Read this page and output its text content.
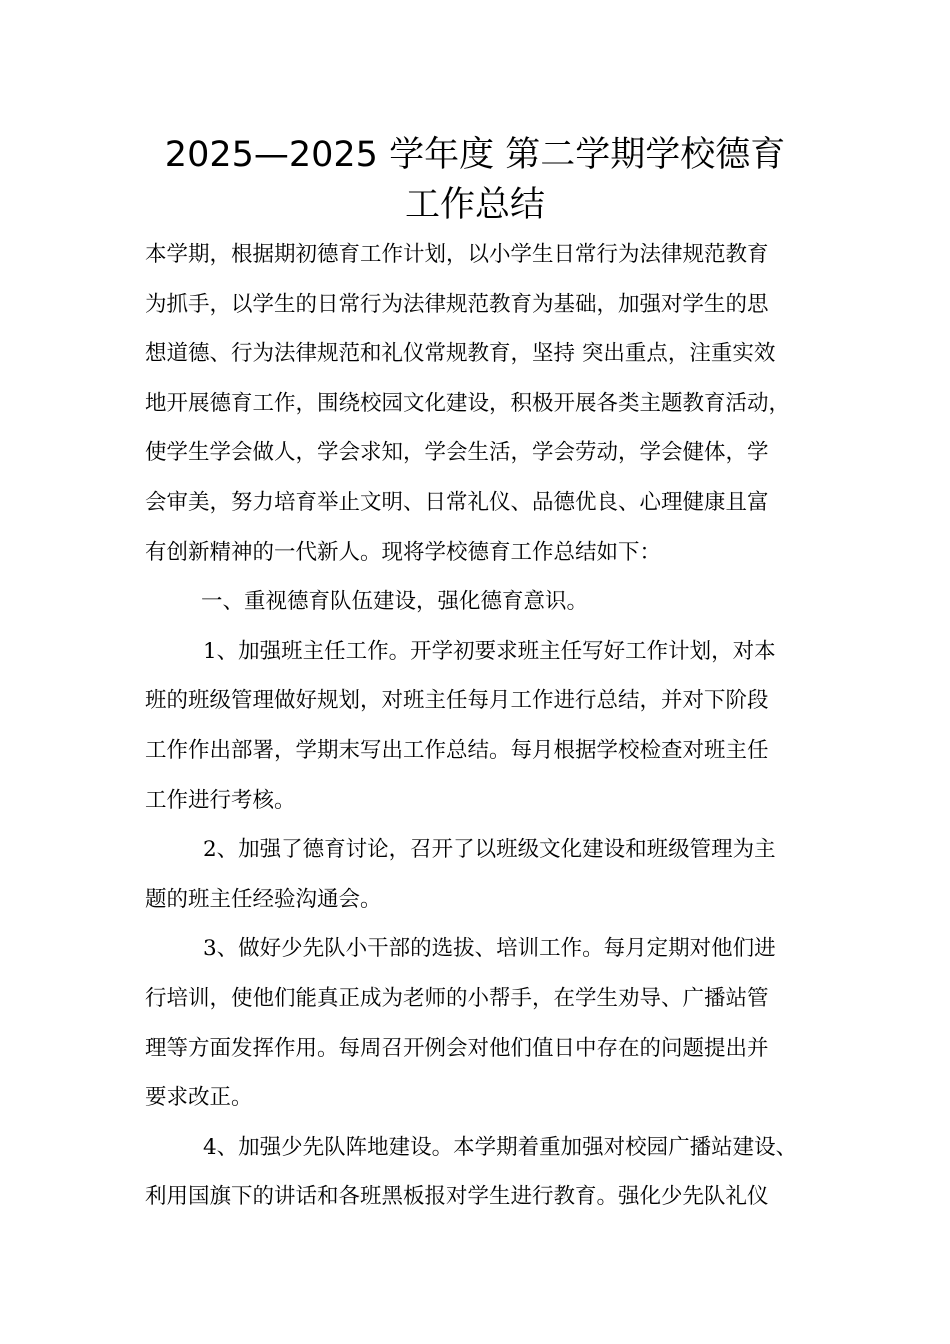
2025—2025 学年度 第二学期学校德育
工作总结
本学期，根据期初德育工作计划，以小学生日常行为法律规范教育
为抓手，以学生的日常行为法律规范教育为基础，加强对学生的思
想道德、行为法律规范和礼仪常规教育，坚持 突出重点，注重实效
地开展德育工作，围绕校园文化建设，积极开展各类主题教育活动，
使学生学会做人，学会求知，学会生活，学会劳动，学会健体，学
会审美，努力培育举止文明、日常礼仪、品德优良、心理健康且富
有创新精神的一代新人。现将学校德育工作总结如下：
一、重视德育队伍建设，强化德育意识。
1、加强班主任工作。开学初要求班主任写好工作计划，对本
班的班级管理做好规划，对班主任每月工作进行总结，并对下阶段
工作作出部署，学期末写出工作总结。每月根据学校检查对班主任
工作进行考核。
2、加强了德育讨论，召开了以班级文化建设和班级管理为主
题的班主任经验沟通会。
3、做好少先队小干部的选拔、培训工作。每月定期对他们进
行培训，使他们能真正成为老师的小帮手，在学生劝导、广播站管
理等方面发挥作用。每周召开例会对他们值日中存在的问题提出并
要求改正。
4、加强少先队阵地建设。本学期着重加强对校园广播站建设、
利用国旗下的讲话和各班黑板报对学生进行教育。强化少先队礼仪
